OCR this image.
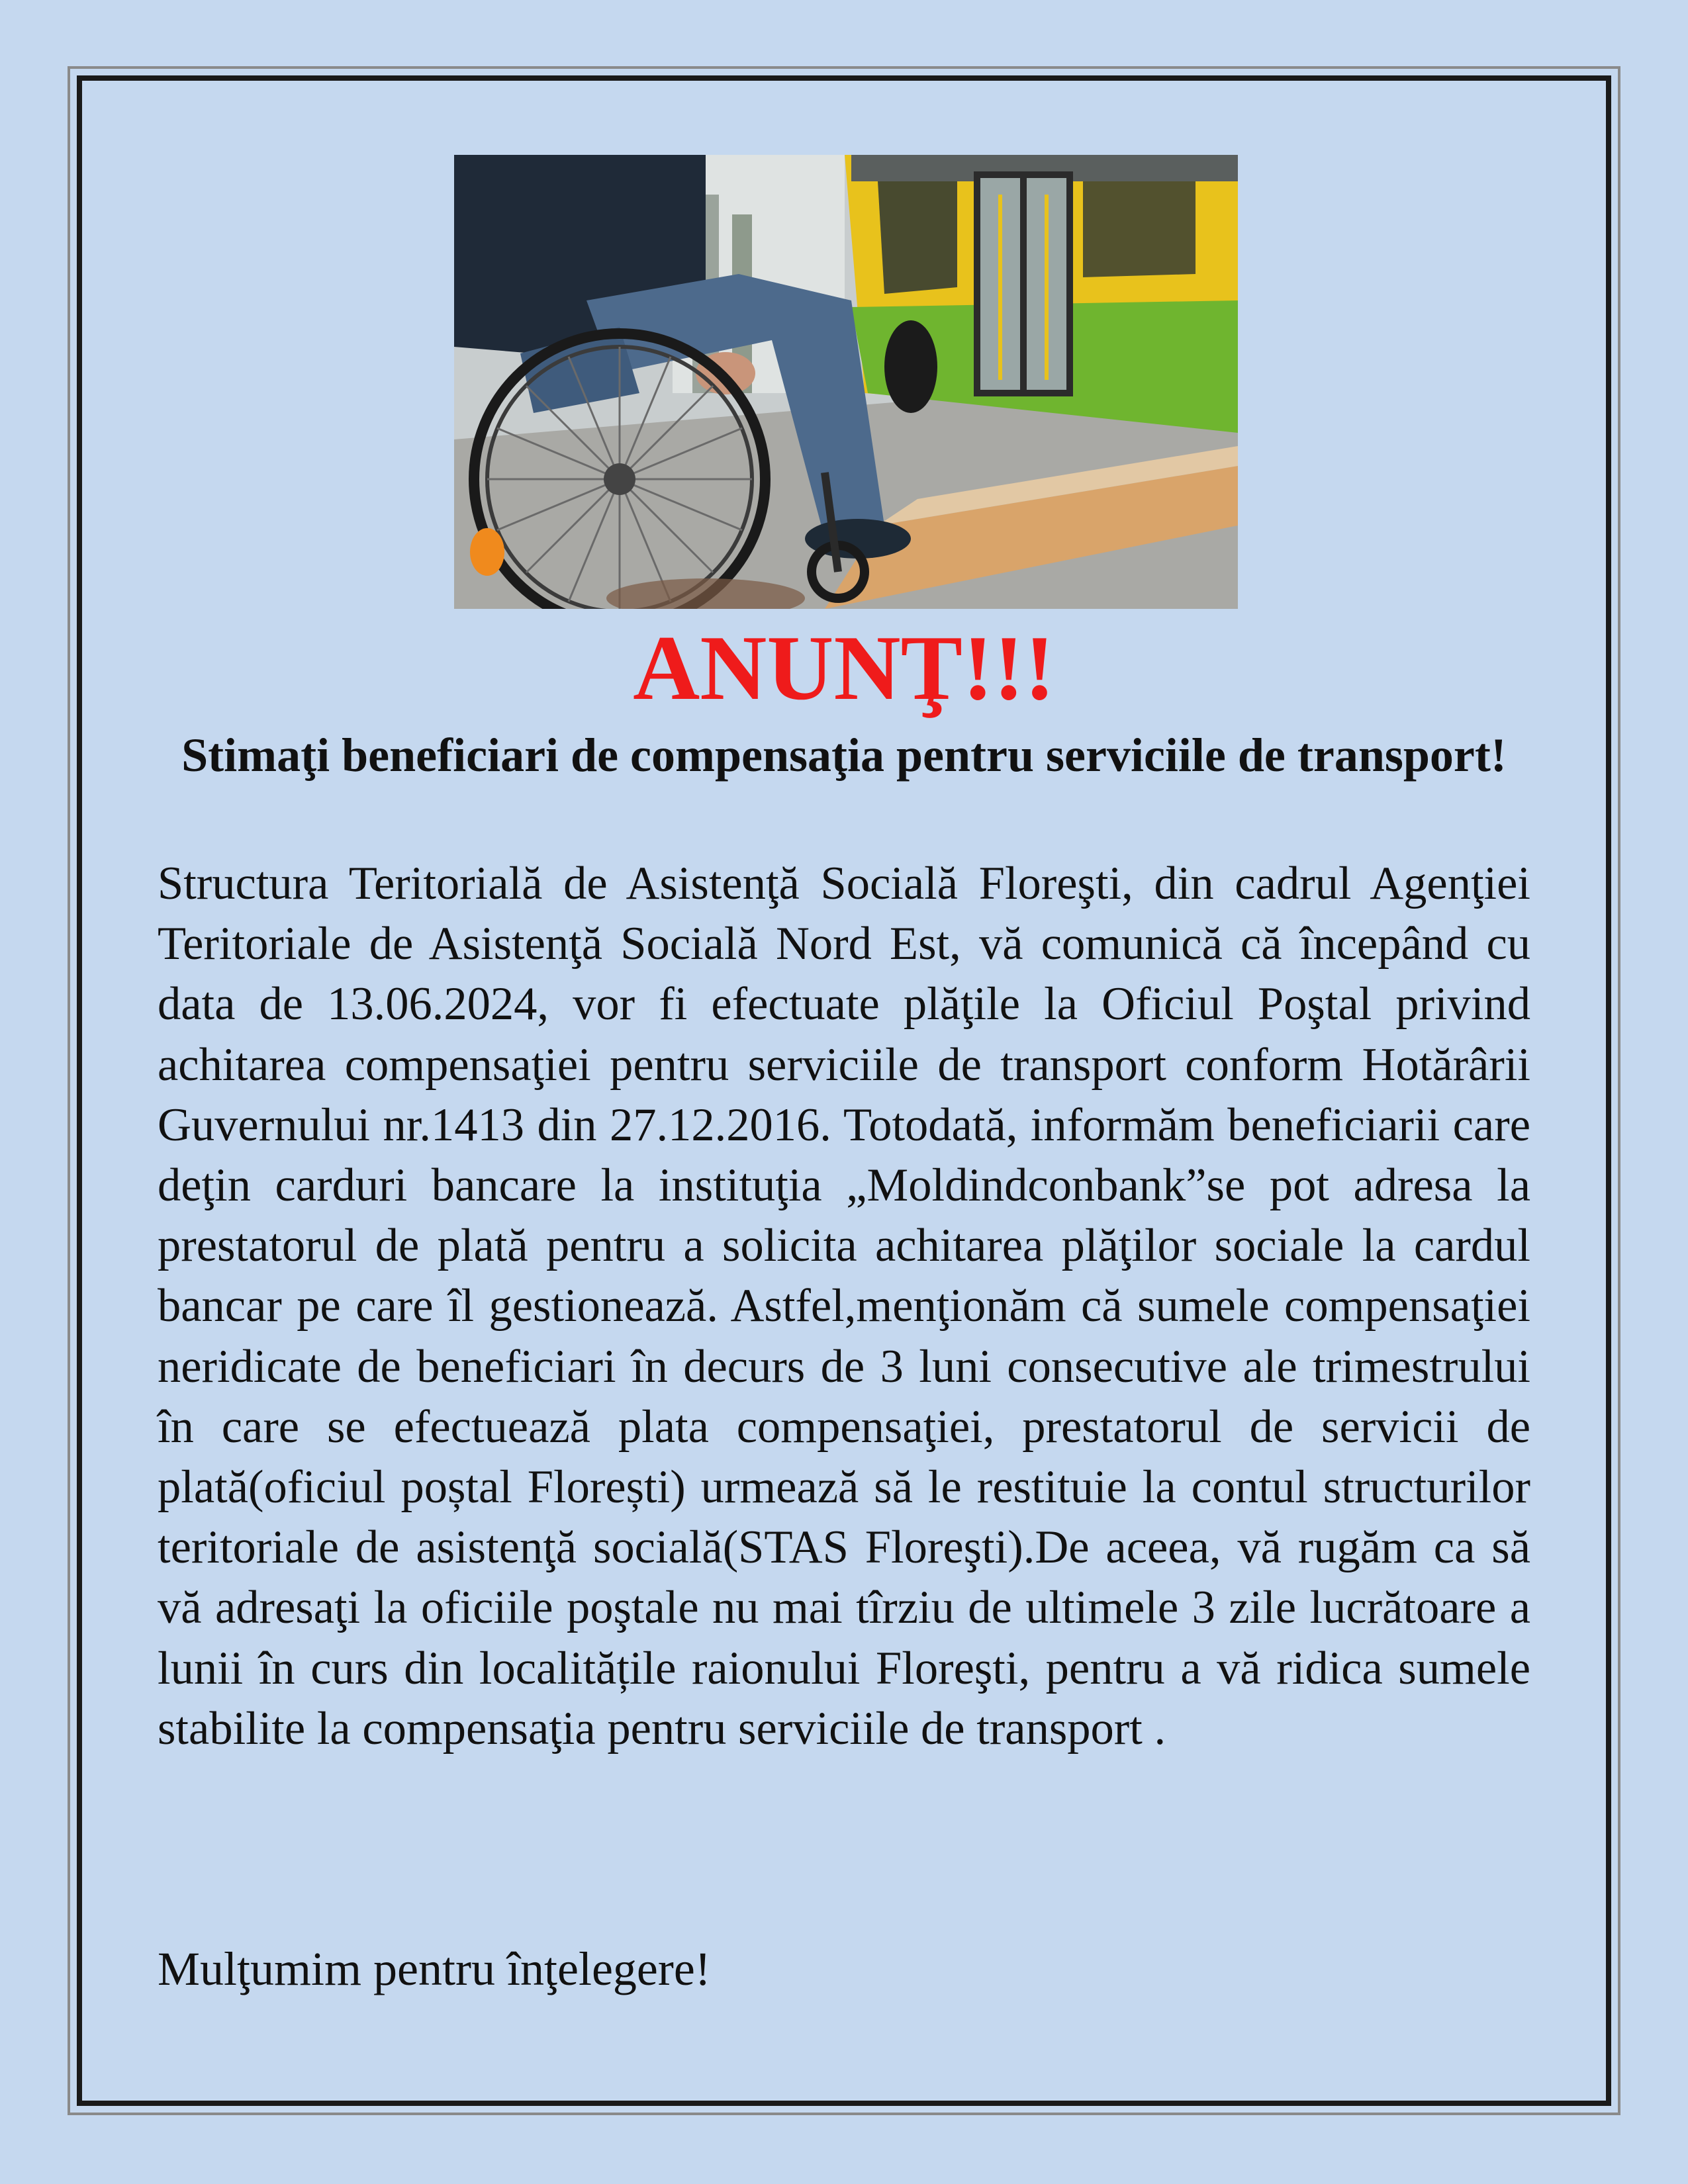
ANUNŢ!!!
Stimaţi beneficiari de compensaţia pentru serviciile de transport!

Structura Teritorială de Asistenţă Socială Floreşti, din cadrul Agenţiei Teritoriale de Asistenţă Socială Nord Est, vă comunică că începând cu data de 13.06.2024, vor fi efectuate plăţile la Oficiul Poştal privind achitarea compensaţiei pentru serviciile de transport conform Hotărârii Guvernului nr.1413 din 27.12.2016. Totodată, informăm beneficiarii care deţin carduri bancare la instituţia „Moldindconbank”se pot adresa la prestatorul de plată pentru a solicita achitarea plăţilor sociale la cardul bancar pe care îl gestionează. Astfel,menţionăm că sumele compensaţiei neridicate de beneficiari în decurs de 3 luni consecutive ale trimestrului în care se efectuează plata compensaţiei, prestatorul de servicii de plată(oficiul poștal Florești) urmează să le restituie la contul structurilor teritoriale de asistenţă socială(STAS Floreşti).De aceea, vă rugăm ca să vă adresaţi la oficiile poştale nu mai tîrziu de ultimele 3 zile lucrătoare a lunii în curs din localitățile raionului Floreşti, pentru a vă ridica sumele stabilite la compensaţia pentru serviciile de transport .

Mulţumim pentru înţelegere!
